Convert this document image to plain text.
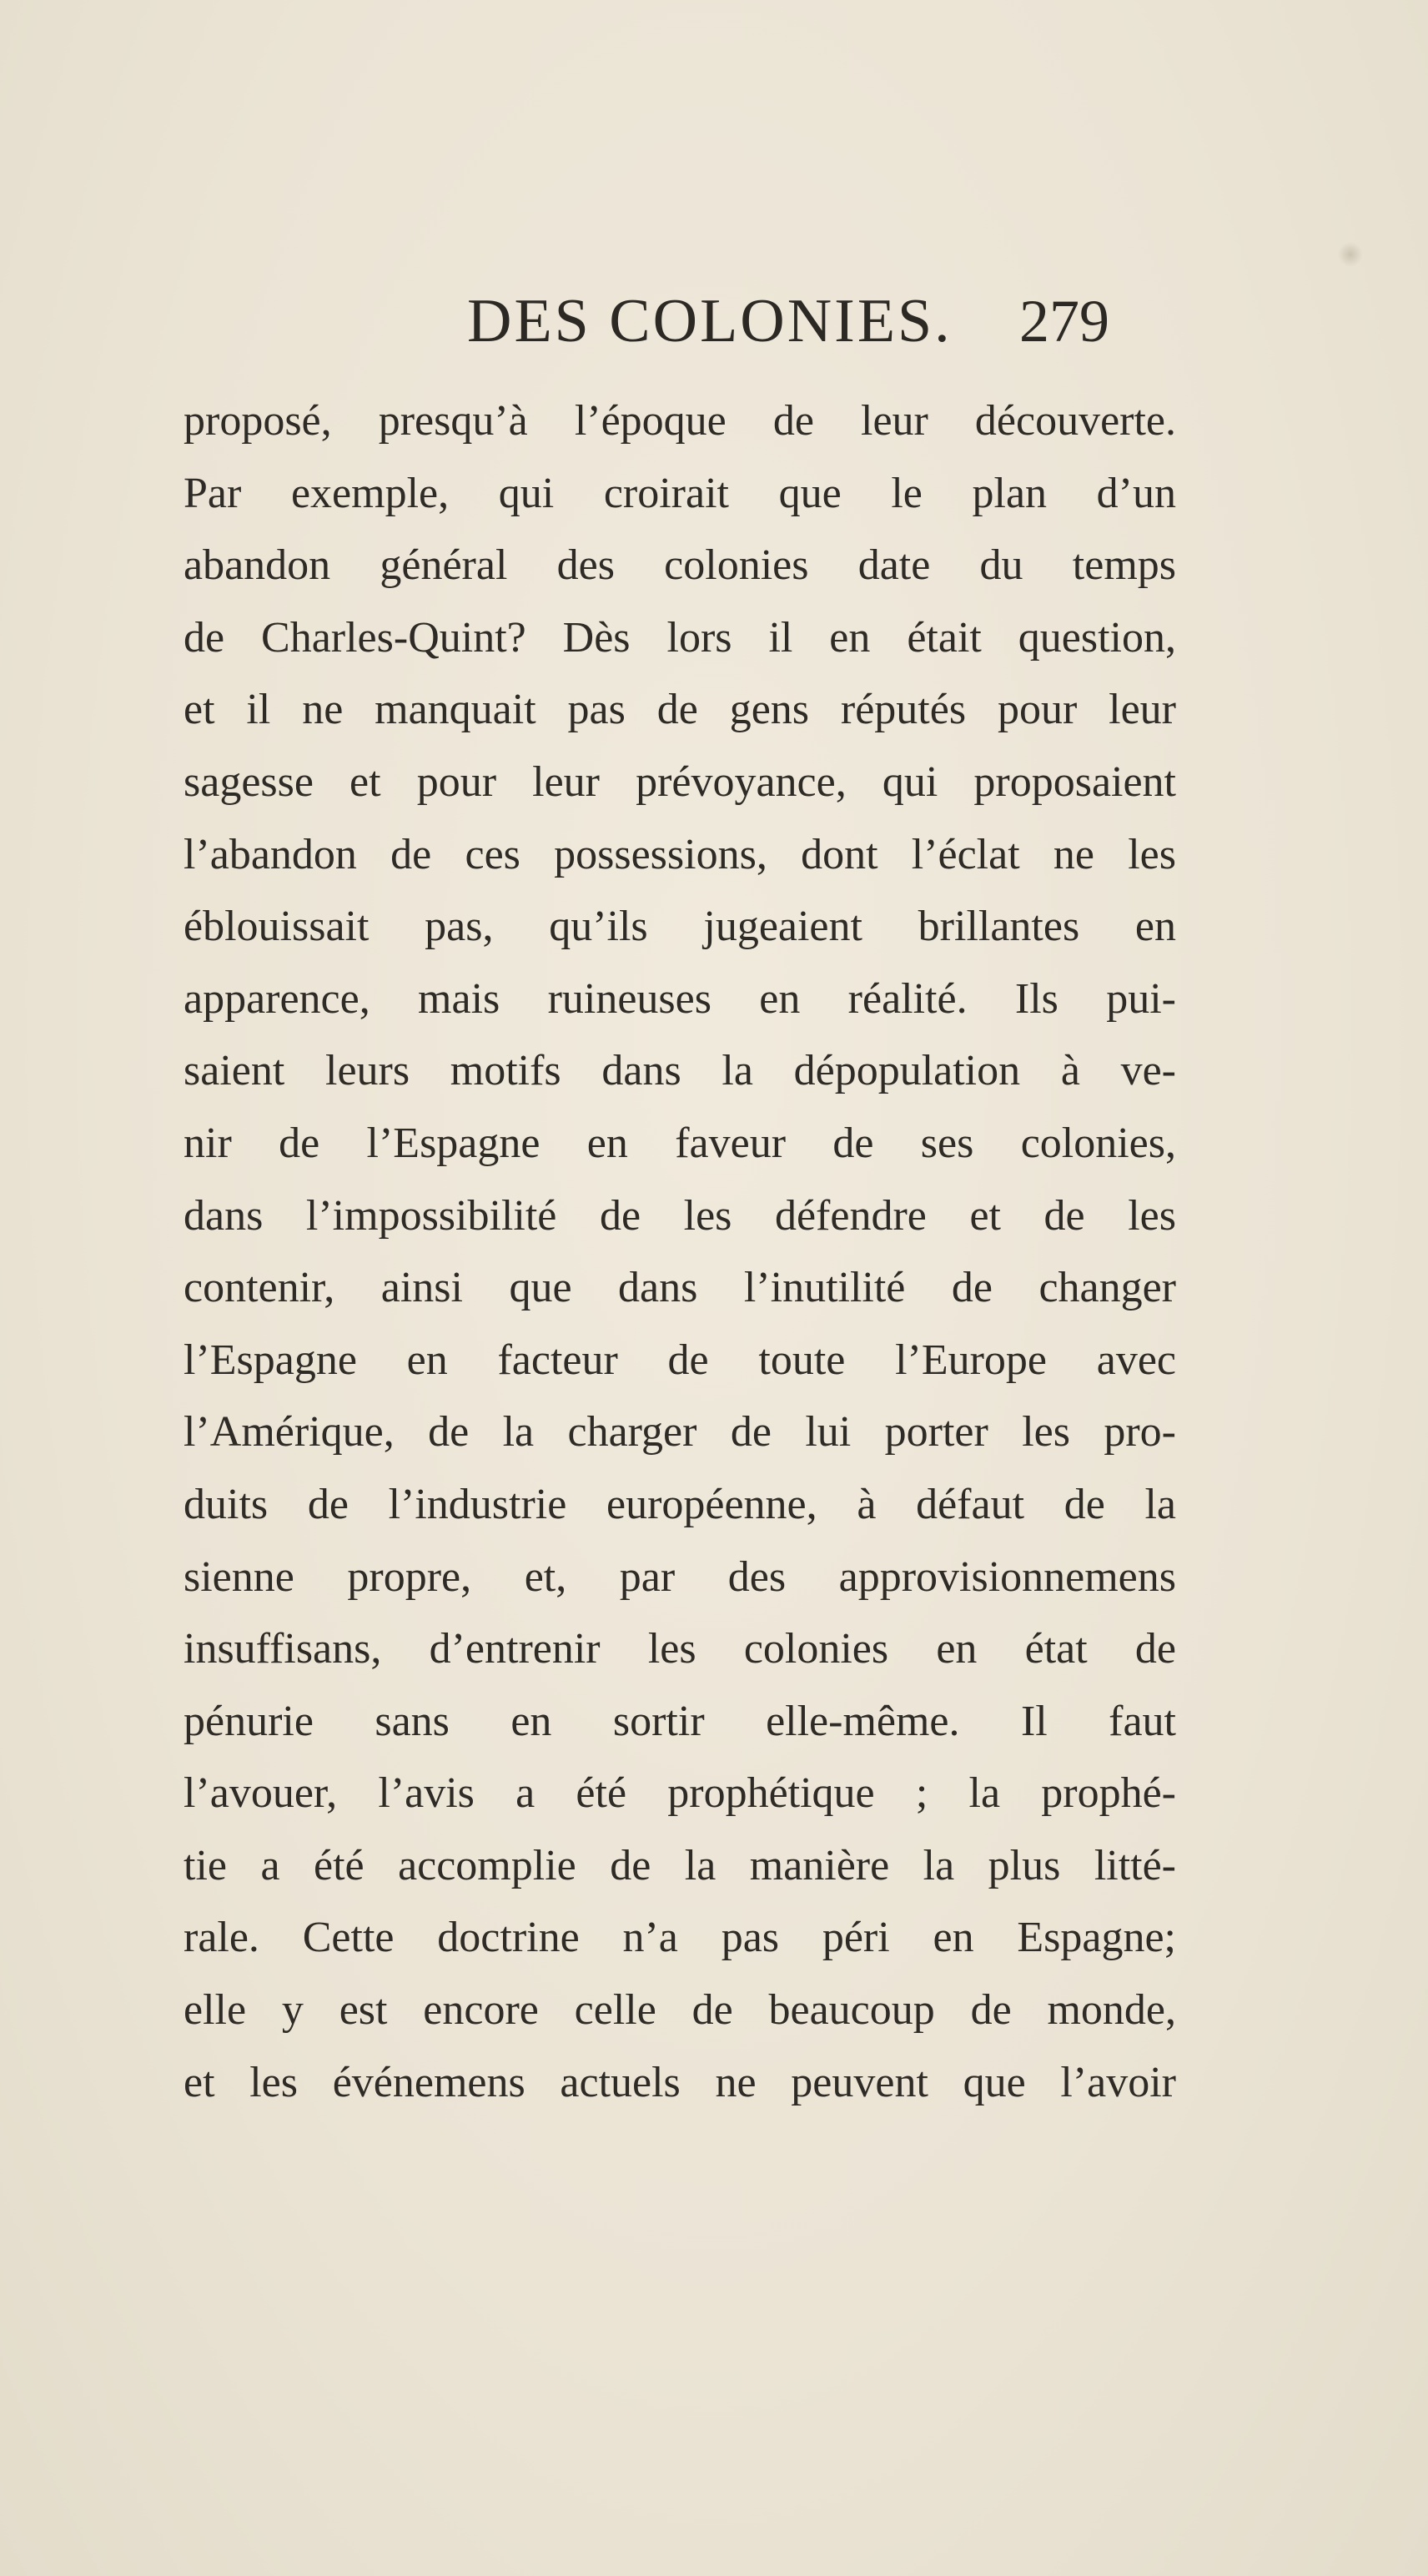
DES COLONIES. 279
proposé, presqu’à l’époque de leur découverte.
Par exemple, qui croirait que le plan d’un
abandon général des colonies date du temps
de Charles-Quint? Dès lors il en était question,
et il ne manquait pas de gens réputés pour leur
sagesse et pour leur prévoyance, qui proposaient
l’abandon de ces possessions, dont l’éclat ne les
éblouissait pas, qu’ils jugeaient brillantes en
apparence, mais ruineuses en réalité. Ils pui-
saient leurs motifs dans la dépopulation à ve-
nir de l’Espagne en faveur de ses colonies,
dans l’impossibilité de les défendre et de les
contenir, ainsi que dans l’inutilité de changer
l’Espagne en facteur de toute l’Europe avec
l’Amérique, de la charger de lui porter les pro-
duits de l’industrie européenne, à défaut de la
sienne propre, et, par des approvisionnemens
insuffisans, d’entrenir les colonies en état de
pénurie sans en sortir elle-même. Il faut
l’avouer, l’avis a été prophétique ; la prophé-
tie a été accomplie de la manière la plus litté-
rale. Cette doctrine n’a pas péri en Espagne;
elle y est encore celle de beaucoup de monde,
et les événemens actuels ne peuvent que l’avoir
